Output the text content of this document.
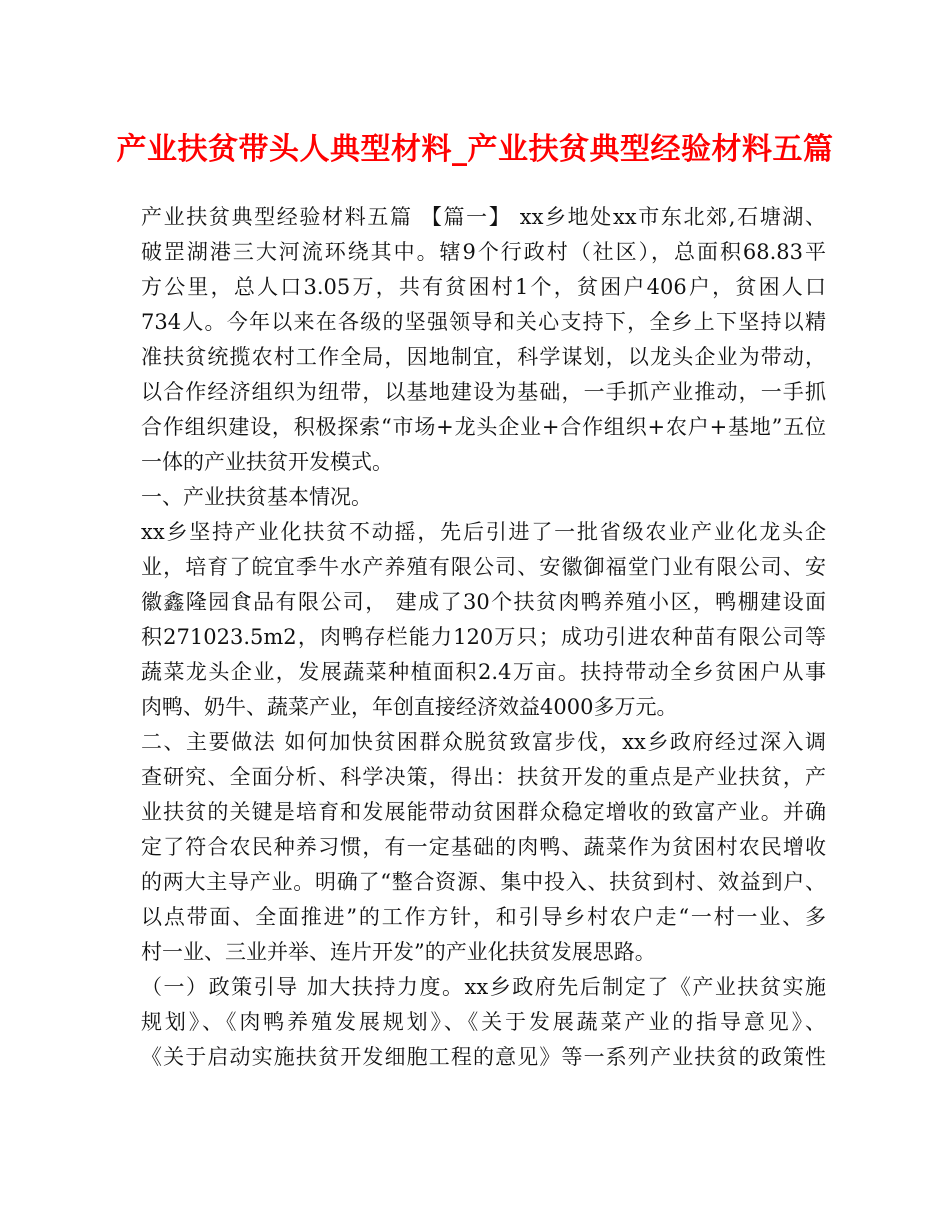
产业扶贫带头人典型材料_产业扶贫典型经验材料五篇
产业扶贫典型经验材料五篇 【篇一】 xx乡地处xx市东北郊,石塘湖、
破罡湖港三大河流环绕其中。辖9个行政村（社区），总面积68.83平
方公里，总人口3.05万，共有贫困村1个，贫困户406户，贫困人口
734人。今年以来在各级的坚强领导和关心支持下，全乡上下坚持以精
准扶贫统揽农村工作全局，因地制宜，科学谋划，以龙头企业为带动，
以合作经济组织为纽带，以基地建设为基础，一手抓产业推动，一手抓
合作组织建设，积极探索“市场+龙头企业+合作组织+农户+基地”五位
一体的产业扶贫开发模式。
一、产业扶贫基本情况。
xx乡坚持产业化扶贫不动摇，先后引进了一批省级农业产业化龙头企
业，培育了皖宜季牛水产养殖有限公司、安徽御福堂门业有限公司、安
徽鑫隆园食品有限公司， 建成了30个扶贫肉鸭养殖小区，鸭棚建设面
积271023.5m2，肉鸭存栏能力120万只；成功引进农种苗有限公司等
蔬菜龙头企业，发展蔬菜种植面积2.4万亩。扶持带动全乡贫困户从事
肉鸭、奶牛、蔬菜产业，年创直接经济效益4000多万元。
二、主要做法 如何加快贫困群众脱贫致富步伐，xx乡政府经过深入调
查研究、全面分析、科学决策，得出：扶贫开发的重点是产业扶贫，产
业扶贫的关键是培育和发展能带动贫困群众稳定增收的致富产业。并确
定了符合农民种养习惯，有一定基础的肉鸭、蔬菜作为贫困村农民增收
的两大主导产业。明确了“整合资源、集中投入、扶贫到村、效益到户、
以点带面、全面推进”的工作方针，和引导乡村农户走“一村一业、多
村一业、三业并举、连片开发”的产业化扶贫发展思路。
（一）政策引导 加大扶持力度。xx乡政府先后制定了《产业扶贫实施
规划》、《肉鸭养殖发展规划》、《关于发展蔬菜产业的指导意见》、
《关于启动实施扶贫开发细胞工程的意见》等一系列产业扶贫的政策性
